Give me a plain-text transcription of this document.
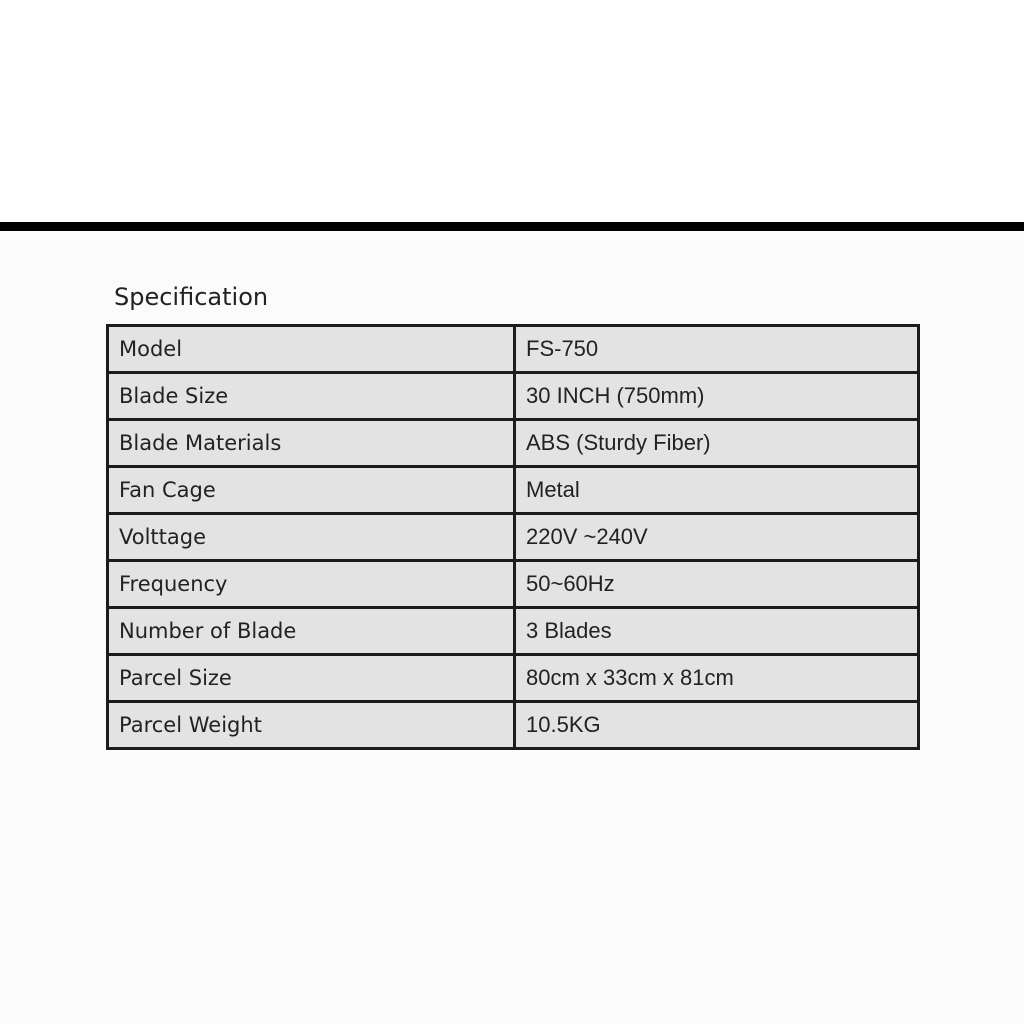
Specification
Model	FS-750
Blade Size	30 INCH (750mm)
Blade Materials	ABS (Sturdy Fiber)
Fan Cage	Metal
Volttage	220V ~240V
Frequency	50~60Hz
Number of Blade	3 Blades
Parcel Size	80cm x 33cm x 81cm
Parcel Weight	10.5KG
